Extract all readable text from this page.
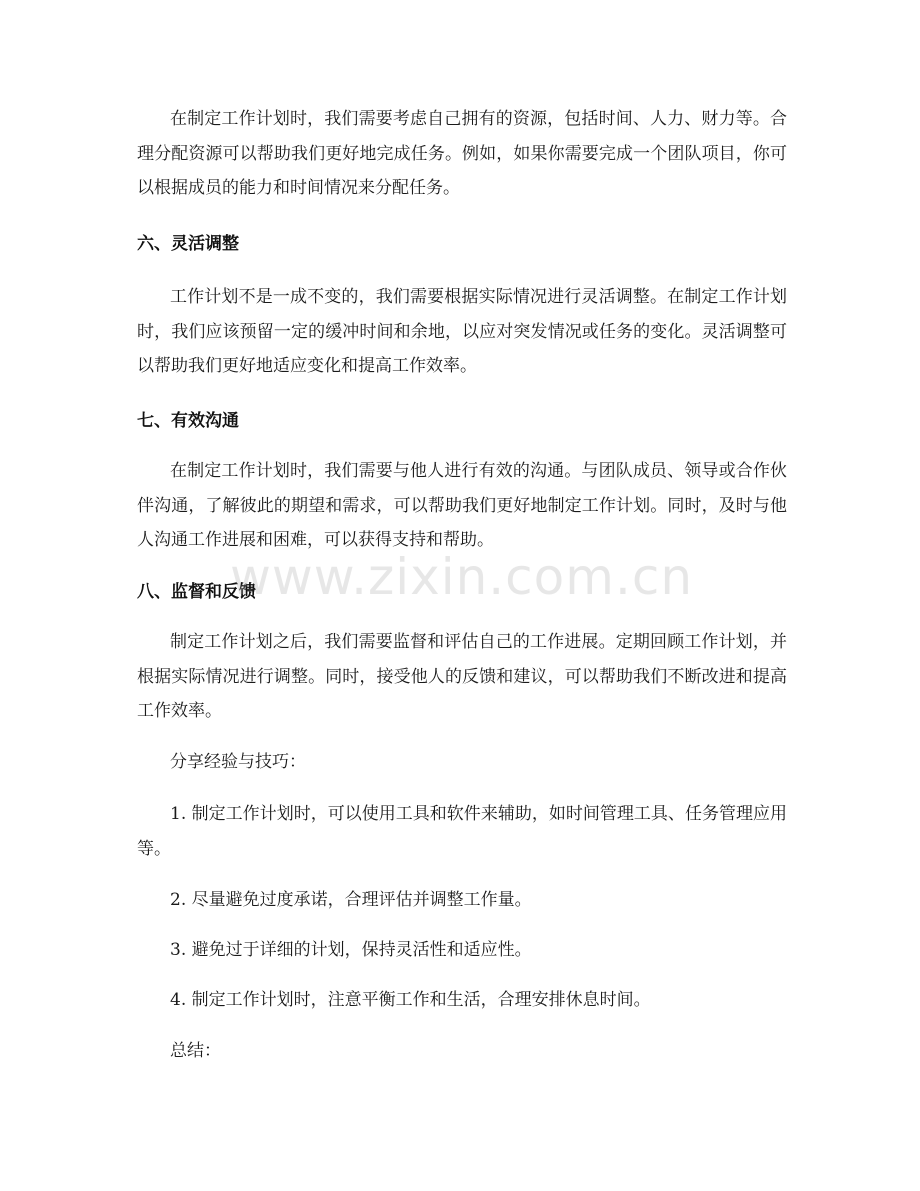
在制定工作计划时，我们需要考虑自己拥有的资源，包括时间、人力、财力等。合理分配资源可以帮助我们更好地完成任务。例如，如果你需要完成一个团队项目，你可以根据成员的能力和时间情况来分配任务。

六、灵活调整

工作计划不是一成不变的，我们需要根据实际情况进行灵活调整。在制定工作计划时，我们应该预留一定的缓冲时间和余地，以应对突发情况或任务的变化。灵活调整可以帮助我们更好地适应变化和提高工作效率。

七、有效沟通

在制定工作计划时，我们需要与他人进行有效的沟通。与团队成员、领导或合作伙伴沟通，了解彼此的期望和需求，可以帮助我们更好地制定工作计划。同时，及时与他人沟通工作进展和困难，可以获得支持和帮助。

八、监督和反馈

制定工作计划之后，我们需要监督和评估自己的工作进展。定期回顾工作计划，并根据实际情况进行调整。同时，接受他人的反馈和建议，可以帮助我们不断改进和提高工作效率。

分享经验与技巧：

1. 制定工作计划时，可以使用工具和软件来辅助，如时间管理工具、任务管理应用等。

2. 尽量避免过度承诺，合理评估并调整工作量。

3. 避免过于详细的计划，保持灵活性和适应性。

4. 制定工作计划时，注意平衡工作和生活，合理安排休息时间。

总结：

www.zixin.com.cn
